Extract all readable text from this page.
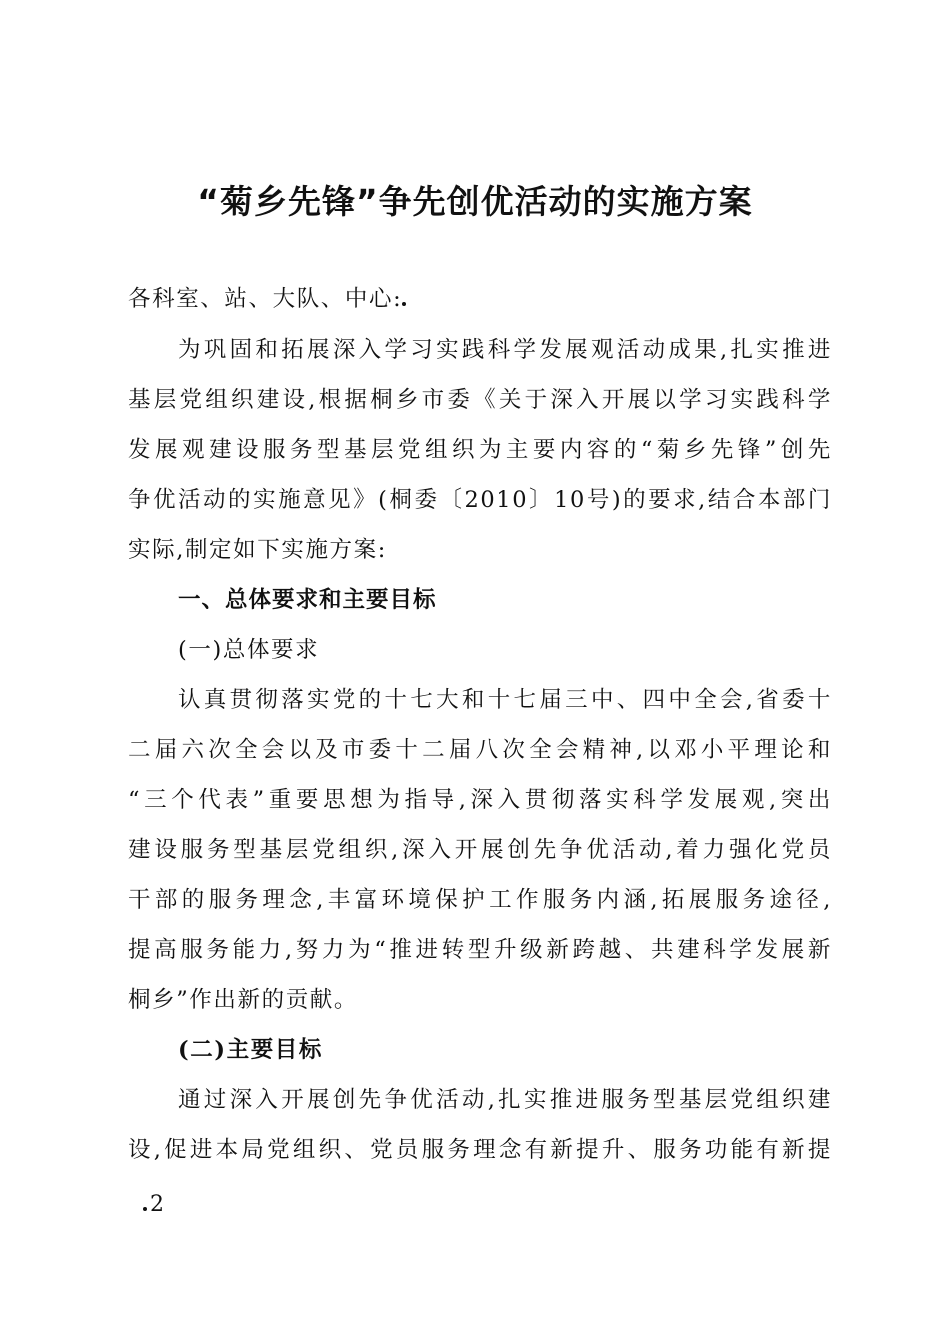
“菊乡先锋”争先创优活动的实施方案
各科室、站、大队、中心:
为巩固和拓展深入学习实践科学发展观活动成果,扎实推进
基层党组织建设,根据桐乡市委《关于深入开展以学习实践科学
发展观建设服务型基层党组织为主要内容的“菊乡先锋”创先
争优活动的实施意见》(桐委〔2010〕10号)的要求,结合本部门
实际,制定如下实施方案:
一、总体要求和主要目标
(一)总体要求
认真贯彻落实党的十七大和十七届三中、四中全会,省委十
二届六次全会以及市委十二届八次全会精神,以邓小平理论和
“三个代表”重要思想为指导,深入贯彻落实科学发展观,突出
建设服务型基层党组织,深入开展创先争优活动,着力强化党员
干部的服务理念,丰富环境保护工作服务内涵,拓展服务途径,
提高服务能力,努力为“推进转型升级新跨越、共建科学发展新
桐乡”作出新的贡献。
(二)主要目标
通过深入开展创先争优活动,扎实推进服务型基层党组织建
设,促进本局党组织、党员服务理念有新提升、服务功能有新提
2
